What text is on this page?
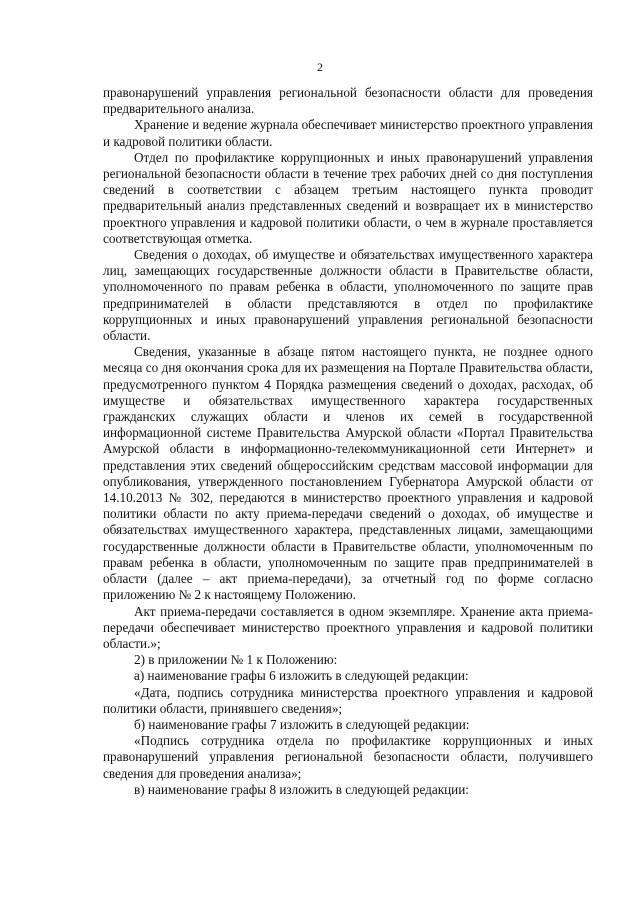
2

правонарушений управления региональной безопасности области для проведения предварительного анализа.

Хранение и ведение журнала обеспечивает министерство проектного управления и кадровой политики области.

Отдел по профилактике коррупционных и иных правонарушений управления региональной безопасности области в течение трех рабочих дней со дня поступления сведений в соответствии с абзацем третьим настоящего пункта проводит предварительный анализ представленных сведений и возвращает их в министерство проектного управления и кадровой политики области, о чем в журнале проставляется соответствующая отметка.

Сведения о доходах, об имуществе и обязательствах имущественного характера лиц, замещающих государственные должности области в Правительстве области, уполномоченного по правам ребенка в области, уполномоченного по защите прав предпринимателей в области представляются в отдел по профилактике коррупционных и иных правонарушений управления региональной безопасности области.

Сведения, указанные в абзаце пятом настоящего пункта, не позднее одного месяца со дня окончания срока для их размещения на Портале Правительства области, предусмотренного пунктом 4 Порядка размещения сведений о доходах, расходах, об имуществе и обязательствах имущественного характера государственных гражданских служащих области и членов их семей в государственной информационной системе Правительства Амурской области «Портал Правительства Амурской области в информационно-телекоммуникационной сети Интернет» и представления этих сведений общероссийским средствам массовой информации для опубликования, утвержденного постановлением Губернатора Амурской области от 14.10.2013 № 302, передаются в министерство проектного управления и кадровой политики области по акту приема-передачи сведений о доходах, об имуществе и обязательствах имущественного характера, представленных лицами, замещающими государственные должности области в Правительстве области, уполномоченным по правам ребенка в области, уполномоченным по защите прав предпринимателей в области (далее – акт приема-передачи), за отчетный год по форме согласно приложению № 2 к настоящему Положению.

Акт приема-передачи составляется в одном экземпляре. Хранение акта приема-передачи обеспечивает министерство проектного управления и кадровой политики области.»;

2) в приложении № 1 к Положению:

а) наименование графы 6 изложить в следующей редакции:

«Дата, подпись сотрудника министерства проектного управления и кадровой политики области, принявшего сведения»;

б) наименование графы 7 изложить в следующей редакции:

«Подпись сотрудника отдела по профилактике коррупционных и иных правонарушений управления региональной безопасности области, получившего сведения для проведения анализа»;

в) наименование графы 8 изложить в следующей редакции:
